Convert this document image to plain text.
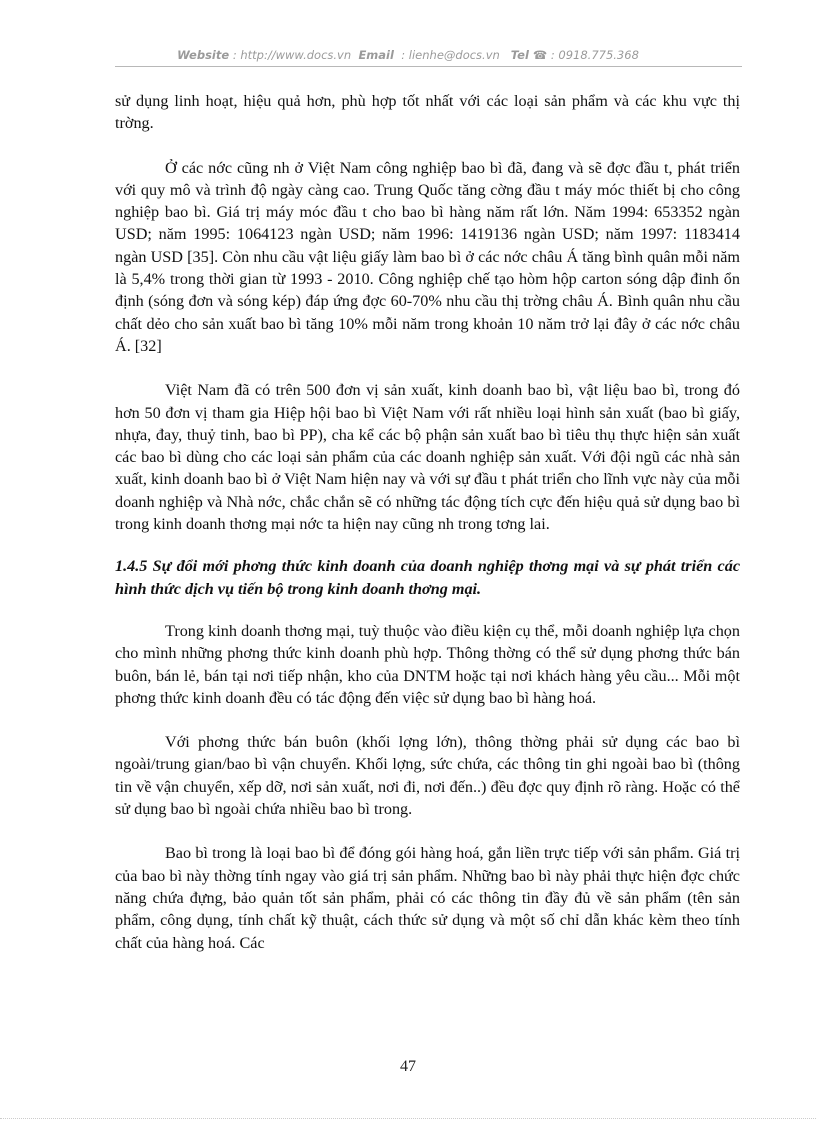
Website : http://www.docs.vn Email : lienhe@docs.vn Tel ☎ : 0918.775.368

sử dụng linh hoạt, hiệu quả hơn, phù hợp tốt nhất với các loại sản phẩm và các khu vực thị trờng.

Ở các nớc cũng nh ở Việt Nam công nghiệp bao bì đã, đang và sẽ đợc đầu t, phát triển với quy mô và trình độ ngày càng cao. Trung Quốc tăng cờng đầu t máy móc thiết bị cho công nghiệp bao bì. Giá trị máy móc đầu t cho bao bì hàng năm rất lớn. Năm 1994: 653352 ngàn USD; năm 1995: 1064123 ngàn USD; năm 1996: 1419136 ngàn USD; năm 1997: 1183414 ngàn USD [35]. Còn nhu cầu vật liệu giấy làm bao bì ở các nớc châu Á tăng bình quân mỗi năm là 5,4% trong thời gian từ 1993 - 2010. Công nghiệp chế tạo hòm hộp carton sóng dập đinh ổn định (sóng đơn và sóng kép) đáp ứng đợc 60-70% nhu cầu thị trờng châu Á. Bình quân nhu cầu chất dẻo cho sản xuất bao bì tăng 10% mỗi năm trong khoản 10 năm trở lại đây ở các nớc châu Á. [32]

Việt Nam đã có trên 500 đơn vị sản xuất, kinh doanh bao bì, vật liệu bao bì, trong đó hơn 50 đơn vị tham gia Hiệp hội bao bì Việt Nam với rất nhiều loại hình sản xuất (bao bì giấy, nhựa, đay, thuỷ tinh, bao bì PP), cha kể các bộ phận sản xuất bao bì tiêu thụ thực hiện sản xuất các bao bì dùng cho các loại sản phẩm của các doanh nghiệp sản xuất. Với đội ngũ các nhà sản xuất, kinh doanh bao bì ở Việt Nam hiện nay và với sự đầu t phát triển cho lĩnh vực này của mỗi doanh nghiệp và Nhà nớc, chắc chắn sẽ có những tác động tích cực đến hiệu quả sử dụng bao bì trong kinh doanh thơng mại nớc ta hiện nay cũng nh trong tơng lai.

1.4.5 Sự đổi mới phơng thức kinh doanh của doanh nghiệp thơng mại và sự phát triển các hình thức dịch vụ tiến bộ trong kinh doanh thơng mại.

Trong kinh doanh thơng mại, tuỳ thuộc vào điều kiện cụ thể, mỗi doanh nghiệp lựa chọn cho mình những phơng thức kinh doanh phù hợp. Thông thờng có thể sử dụng phơng thức bán buôn, bán lẻ, bán tại nơi tiếp nhận, kho của DNTM hoặc tại nơi khách hàng yêu cầu... Mỗi một phơng thức kinh doanh đều có tác động đến việc sử dụng bao bì hàng hoá.

Với phơng thức bán buôn (khối lợng lớn), thông thờng phải sử dụng các bao bì ngoài/trung gian/bao bì vận chuyển. Khối lợng, sức chứa, các thông tin ghi ngoài bao bì (thông tin về vận chuyển, xếp dỡ, nơi sản xuất, nơi đi, nơi đến..) đều đợc quy định rõ ràng. Hoặc có thể sử dụng bao bì ngoài chứa nhiều bao bì trong.

Bao bì trong là loại bao bì để đóng gói hàng hoá, gắn liền trực tiếp với sản phẩm. Giá trị của bao bì này thờng tính ngay vào giá trị sản phẩm. Những bao bì này phải thực hiện đợc chức năng chứa đựng, bảo quản tốt sản phẩm, phải có các thông tin đầy đủ về sản phẩm (tên sản phẩm, công dụng, tính chất kỹ thuật, cách thức sử dụng và một số chỉ dẫn khác kèm theo tính chất của hàng hoá. Các

47
